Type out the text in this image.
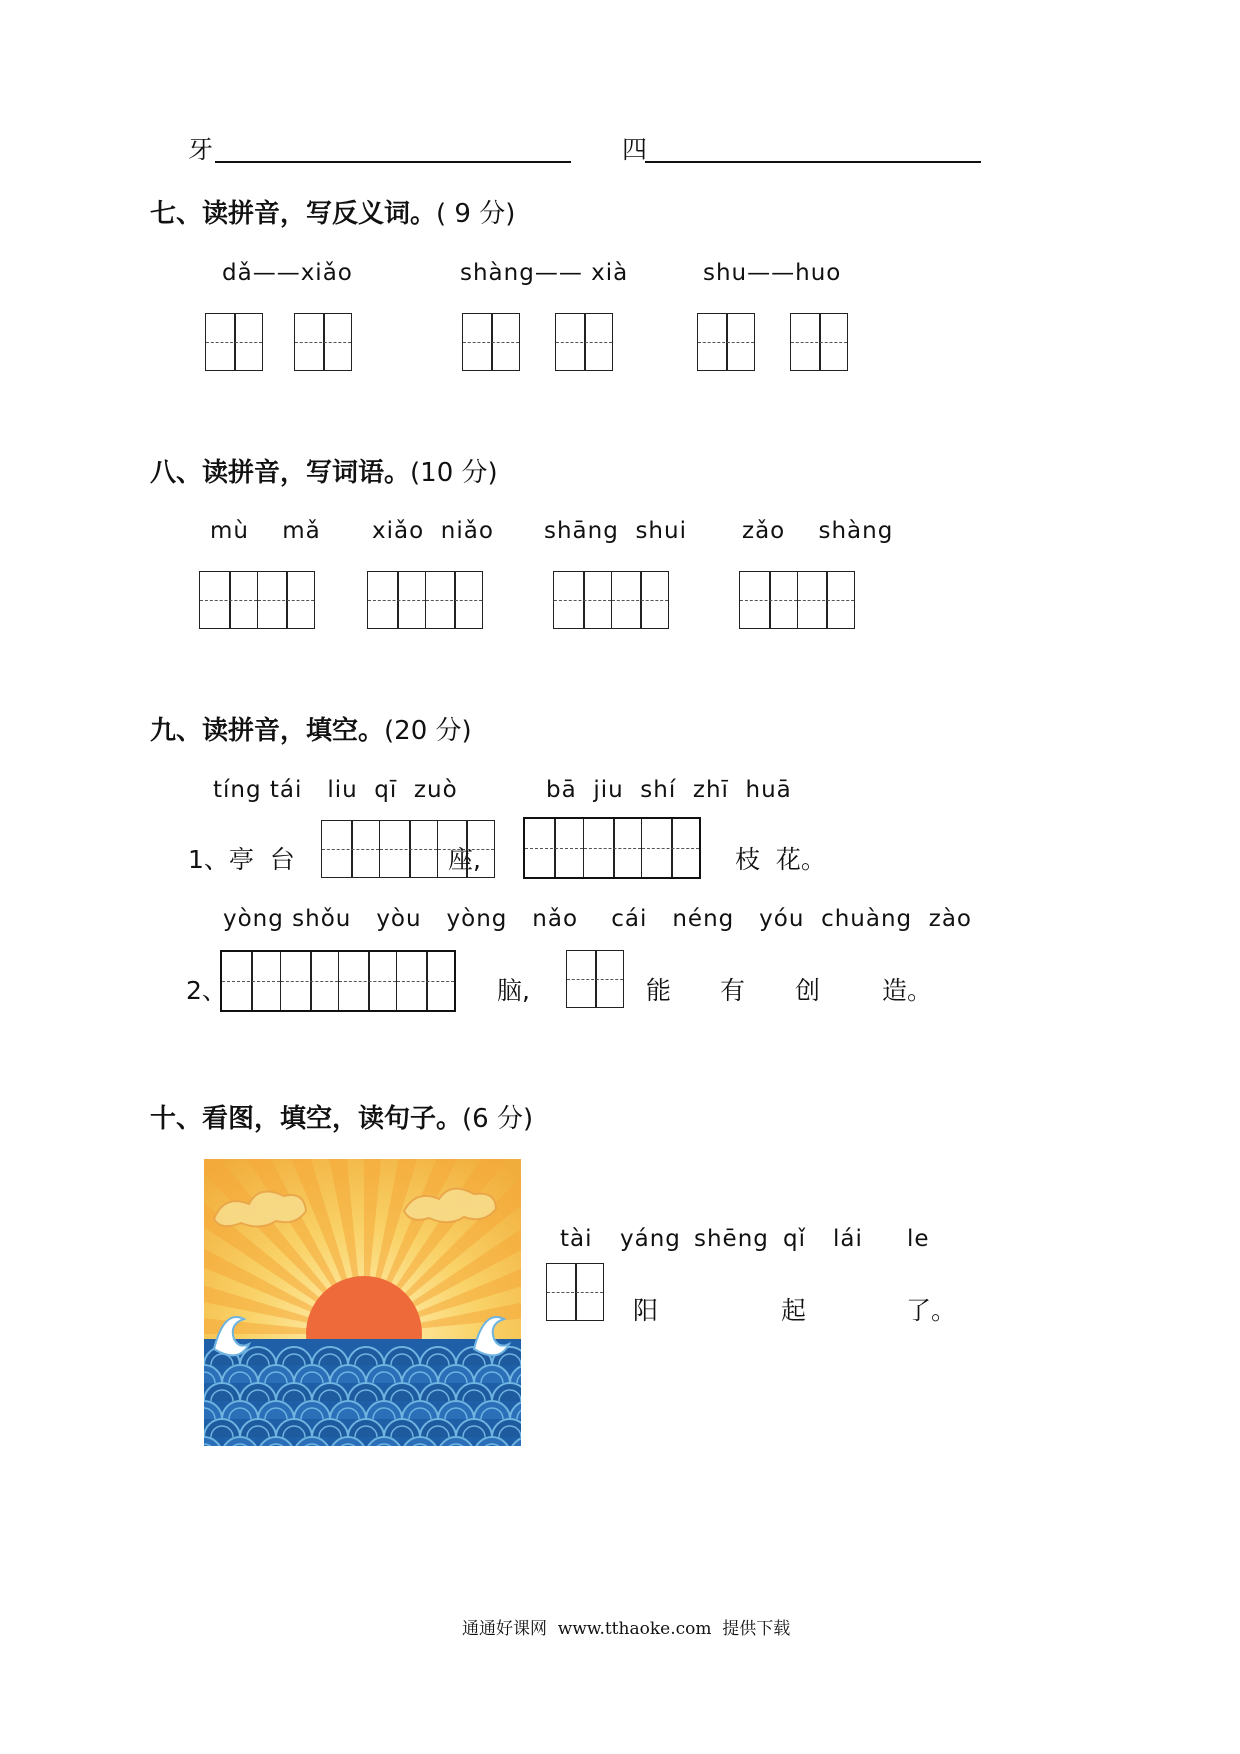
牙	四
七、读拼音，写反义词。( 9 分)
dǎ——xiǎo	shàng—— xià	shu——huo
八、读拼音，写词语。(10 分)
mù    mǎ xiǎo  niǎo shāng  shui zǎo    shàng
九、读拼音，填空。(20 分)
tíng tái   liu  qī  zuò	bā  jiu  shí  zhī  huā
1、亭  台	座,	枝  花。
yòng shǒu   yòu   yòng   nǎo    cái   néng   yóu  chuàng  zào
2、	脑,	能 有 创 造。
十、看图，填空，读句子。(6 分)
tài yáng shēng qǐ lái le
阳	起	了。
通通好课网  www.tthaoke.com  提供下载
